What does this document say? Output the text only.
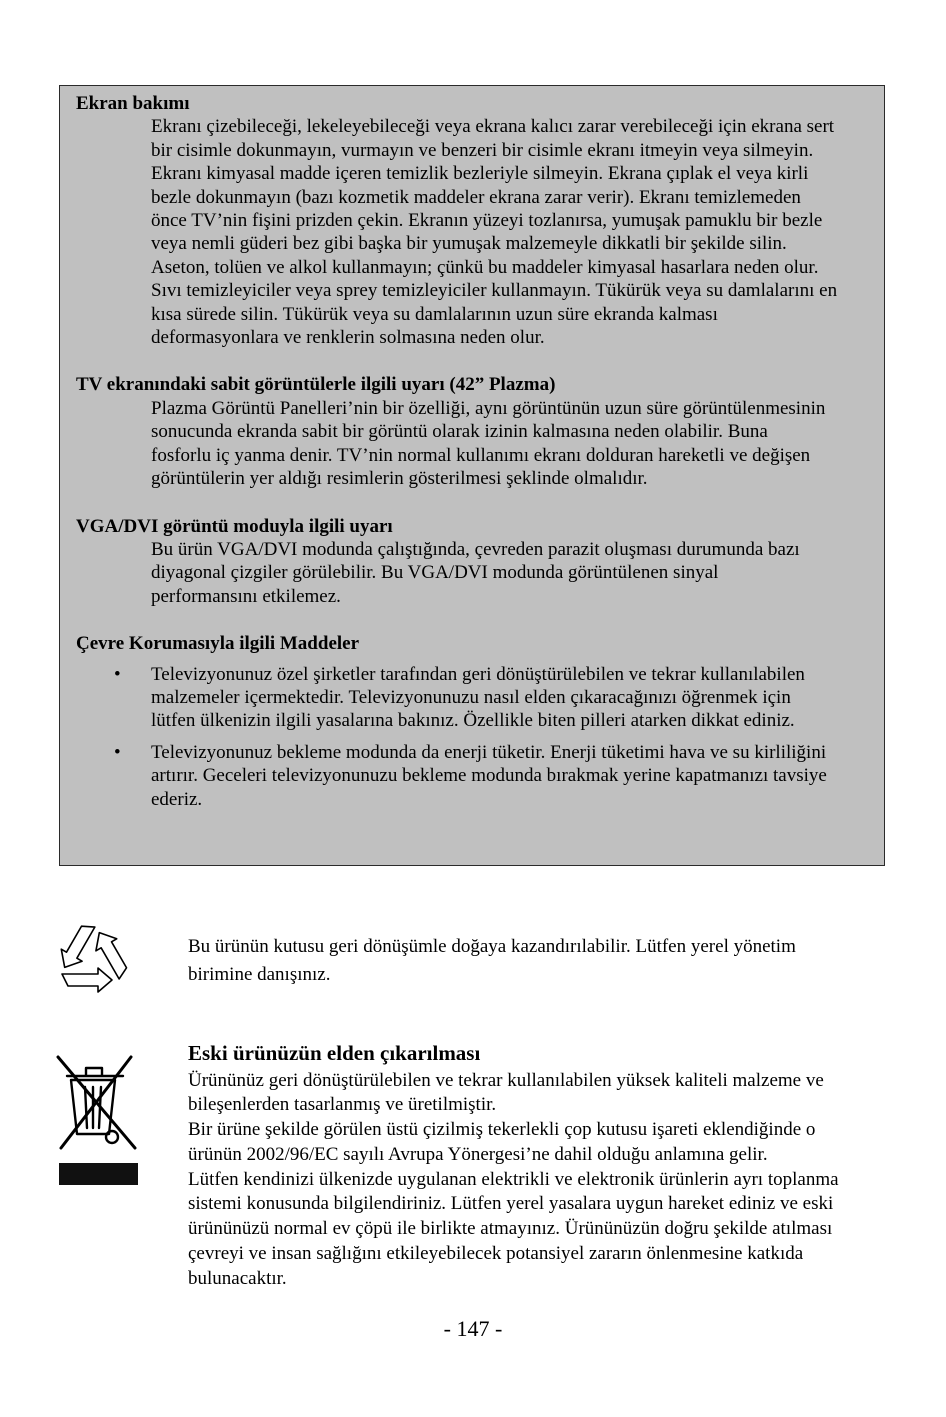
Ekran bakımı
Ekranı çizebileceği, lekeleyebileceği veya ekrana kalıcı zarar verebileceği için ekrana sert
bir cisimle dokunmayın, vurmayın ve benzeri bir cisimle ekranı itmeyin veya silmeyin.
Ekranı kimyasal madde içeren temizlik bezleriyle silmeyin. Ekrana çıplak el veya kirli
bezle dokunmayın (bazı kozmetik maddeler ekrana zarar verir). Ekranı temizlemeden
önce TV’nin fişini prizden çekin. Ekranın yüzeyi tozlanırsa, yumuşak pamuklu bir bezle
veya nemli güderi bez gibi başka bir yumuşak malzemeyle dikkatli bir şekilde silin.
Aseton, tolüen ve alkol kullanmayın; çünkü bu maddeler kimyasal hasarlara neden olur.
Sıvı temizleyiciler veya sprey temizleyiciler kullanmayın. Tükürük veya su damlalarını en
kısa sürede silin. Tükürük veya su damlalarının uzun süre ekranda kalması
deformasyonlara ve renklerin solmasına neden olur.
TV ekranındaki sabit görüntülerle ilgili uyarı (42” Plazma)
Plazma Görüntü Panelleri’nin bir özelliği, aynı görüntünün uzun süre görüntülenmesinin
sonucunda ekranda sabit bir görüntü olarak izinin kalmasına neden olabilir. Buna
fosforlu iç yanma denir. TV’nin normal kullanımı ekranı dolduran hareketli ve değişen
görüntülerin yer aldığı resimlerin gösterilmesi şeklinde olmalıdır.
VGA/DVI görüntü moduyla ilgili uyarı
Bu ürün VGA/DVI modunda çalıştığında, çevreden parazit oluşması durumunda bazı
diyagonal çizgiler görülebilir. Bu VGA/DVI modunda görüntülenen sinyal
performansını etkilemez.
Çevre Korumasıyla ilgili Maddeler
• Televizyonunuz özel şirketler tarafından geri dönüştürülebilen ve tekrar kullanılabilen
malzemeler içermektedir. Televizyonunuzu nasıl elden çıkaracağınızı öğrenmek için
lütfen ülkenizin ilgili yasalarına bakınız. Özellikle biten pilleri atarken dikkat ediniz.
• Televizyonunuz bekleme modunda da enerji tüketir. Enerji tüketimi hava ve su kirliliğini
artırır. Geceleri televizyonunuzu bekleme modunda bırakmak yerine kapatmanızı tavsiye
ederiz.
Bu ürünün kutusu geri dönüşümle doğaya kazandırılabilir. Lütfen yerel yönetim
birimine danışınız.
Eski ürünüzün elden çıkarılması
Ürününüz geri dönüştürülebilen ve tekrar kullanılabilen yüksek kaliteli malzeme ve
bileşenlerden tasarlanmış ve üretilmiştir.
Bir ürüne şekilde görülen üstü çizilmiş tekerlekli çop kutusu işareti eklendiğinde o
ürünün 2002/96/EC sayılı Avrupa Yönergesi’ne dahil olduğu anlamına gelir.
Lütfen kendinizi ülkenizde uygulanan elektrikli ve elektronik ürünlerin ayrı toplanma
sistemi konusunda bilgilendiriniz. Lütfen yerel yasalara uygun hareket ediniz ve eski
ürününüzü normal ev çöpü ile birlikte atmayınız. Ürününüzün doğru şekilde atılması
çevreyi ve insan sağlığını etkileyebilecek potansiyel zararın önlenmesine katkıda
bulunacaktır.
- 147 -
